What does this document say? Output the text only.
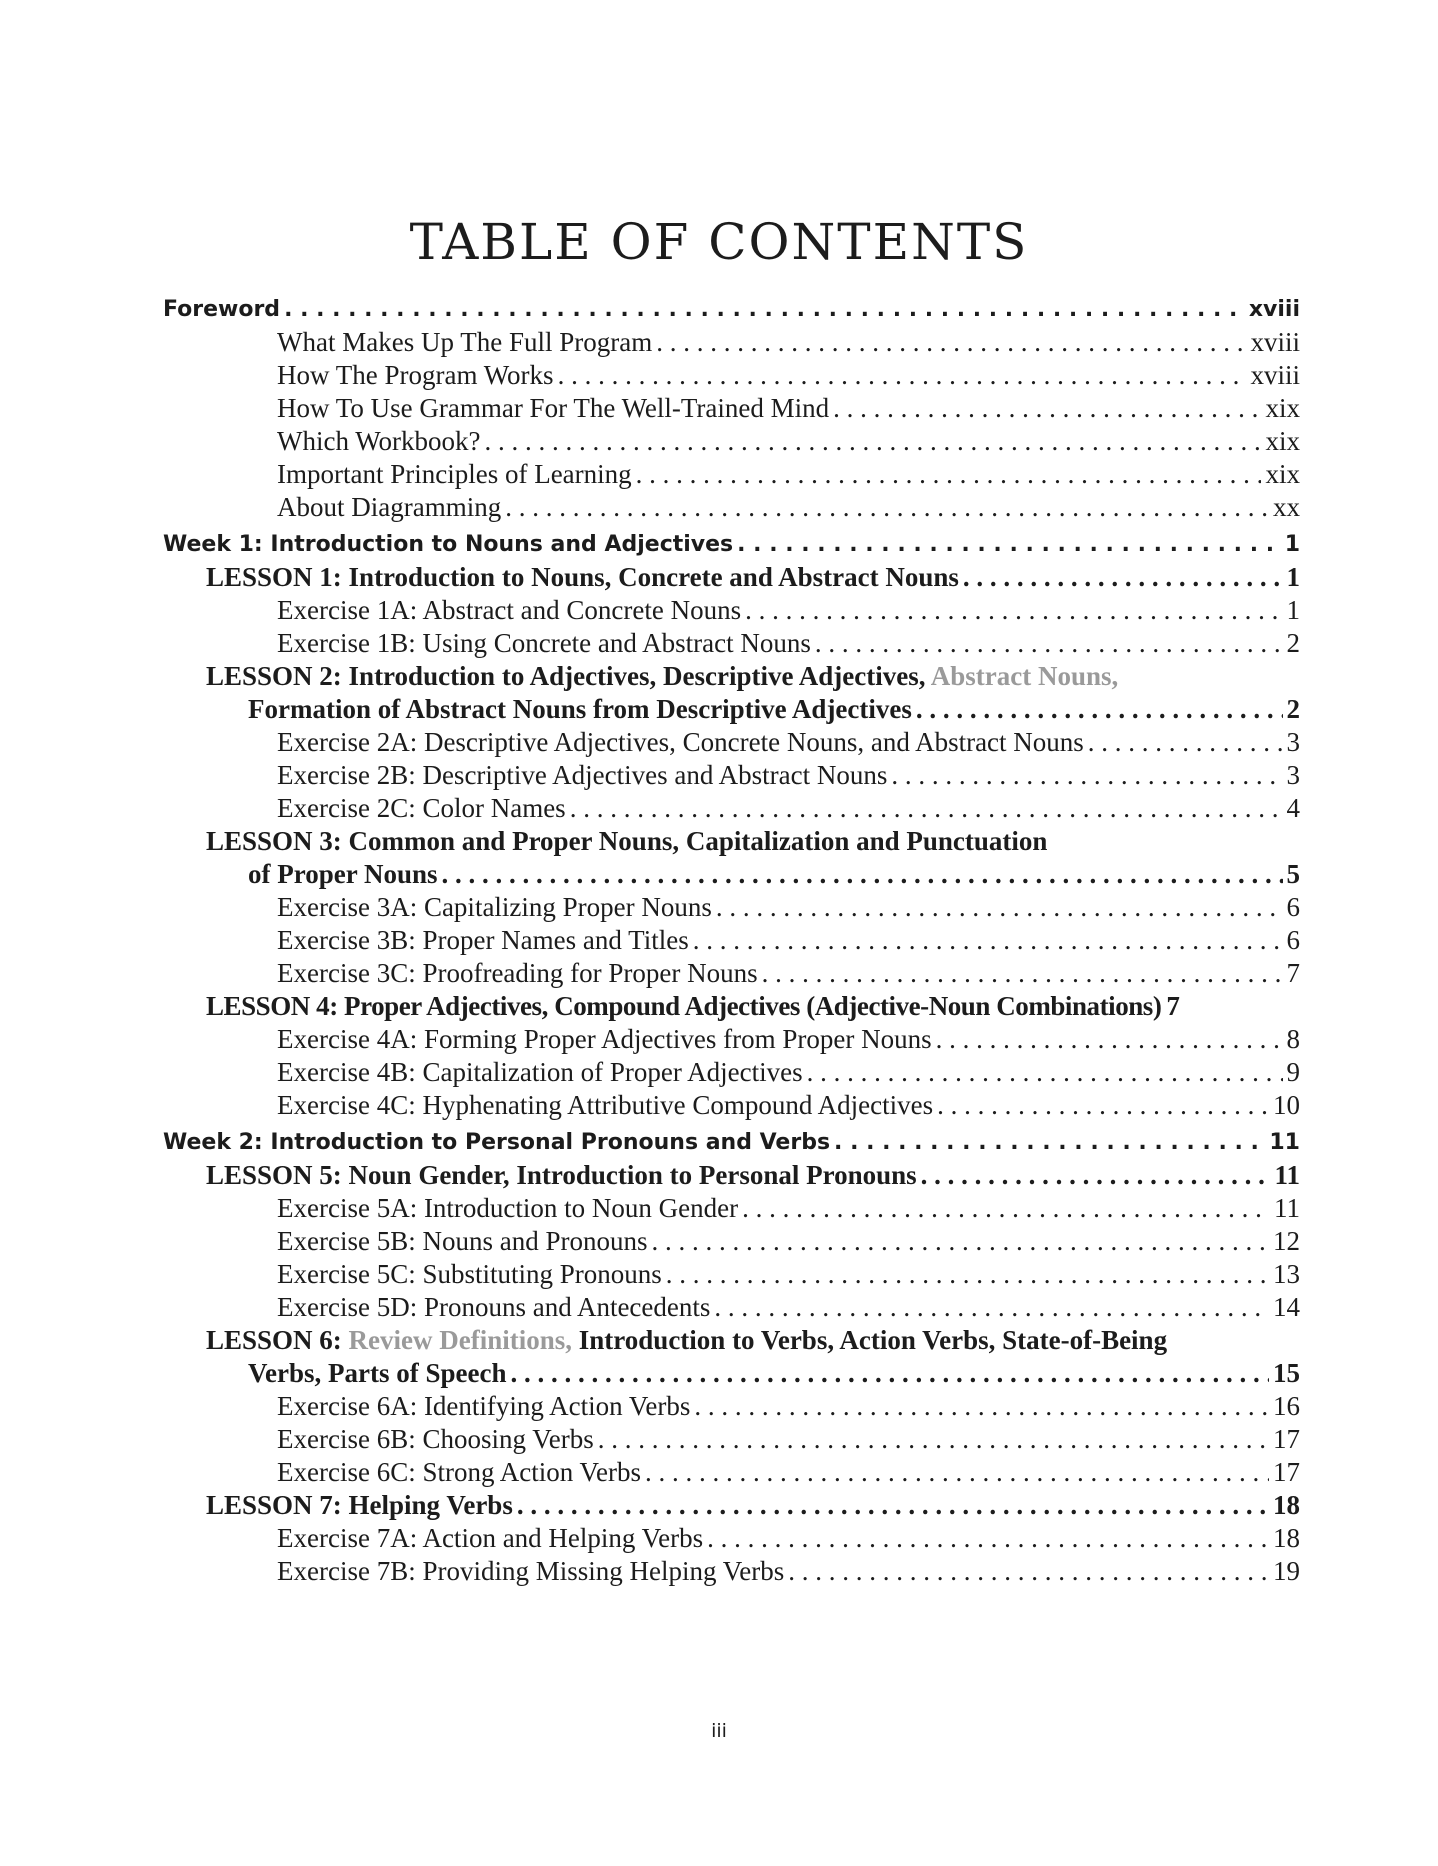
TABLE OF CONTENTS
Foreword . . .	xviii
What Makes Up The Full Program . . .	xviii
How The Program Works . . .	xviii
How To Use Grammar For The Well-Trained Mind . . .	xix
Which Workbook? . . .	xix
Important Principles of Learning . . .	xix
About Diagramming . . .	xx
Week 1: Introduction to Nouns and Adjectives . . .	1
LESSON 1: Introduction to Nouns, Concrete and Abstract Nouns . . .	1
Exercise 1A: Abstract and Concrete Nouns . . .	1
Exercise 1B: Using Concrete and Abstract Nouns . . .	2
LESSON 2: Introduction to Adjectives, Descriptive Adjectives, Abstract Nouns,
Formation of Abstract Nouns from Descriptive Adjectives . . .	2
Exercise 2A: Descriptive Adjectives, Concrete Nouns, and Abstract Nouns . . .	3
Exercise 2B: Descriptive Adjectives and Abstract Nouns . . .	3
Exercise 2C: Color Names . . .	4
LESSON 3: Common and Proper Nouns, Capitalization and Punctuation
of Proper Nouns . . .	5
Exercise 3A: Capitalizing Proper Nouns . . .	6
Exercise 3B: Proper Names and Titles . . .	6
Exercise 3C: Proofreading for Proper Nouns . . .	7
LESSON 4: Proper Adjectives, Compound Adjectives (Adjective-Noun Combinations) 7
Exercise 4A: Forming Proper Adjectives from Proper Nouns . . .	8
Exercise 4B: Capitalization of Proper Adjectives . . .	9
Exercise 4C: Hyphenating Attributive Compound Adjectives . . .	10
Week 2: Introduction to Personal Pronouns and Verbs . . .	11
LESSON 5: Noun Gender, Introduction to Personal Pronouns . . .	11
Exercise 5A: Introduction to Noun Gender . . .	11
Exercise 5B: Nouns and Pronouns . . .	12
Exercise 5C: Substituting Pronouns . . .	13
Exercise 5D: Pronouns and Antecedents . . .	14
LESSON 6: Review Definitions, Introduction to Verbs, Action Verbs, State-of-Being
Verbs, Parts of Speech . . .	15
Exercise 6A: Identifying Action Verbs . . .	16
Exercise 6B: Choosing Verbs . . .	17
Exercise 6C: Strong Action Verbs . . .	17
LESSON 7: Helping Verbs . . .	18
Exercise 7A: Action and Helping Verbs . . .	18
Exercise 7B: Providing Missing Helping Verbs . . .	19
iii
